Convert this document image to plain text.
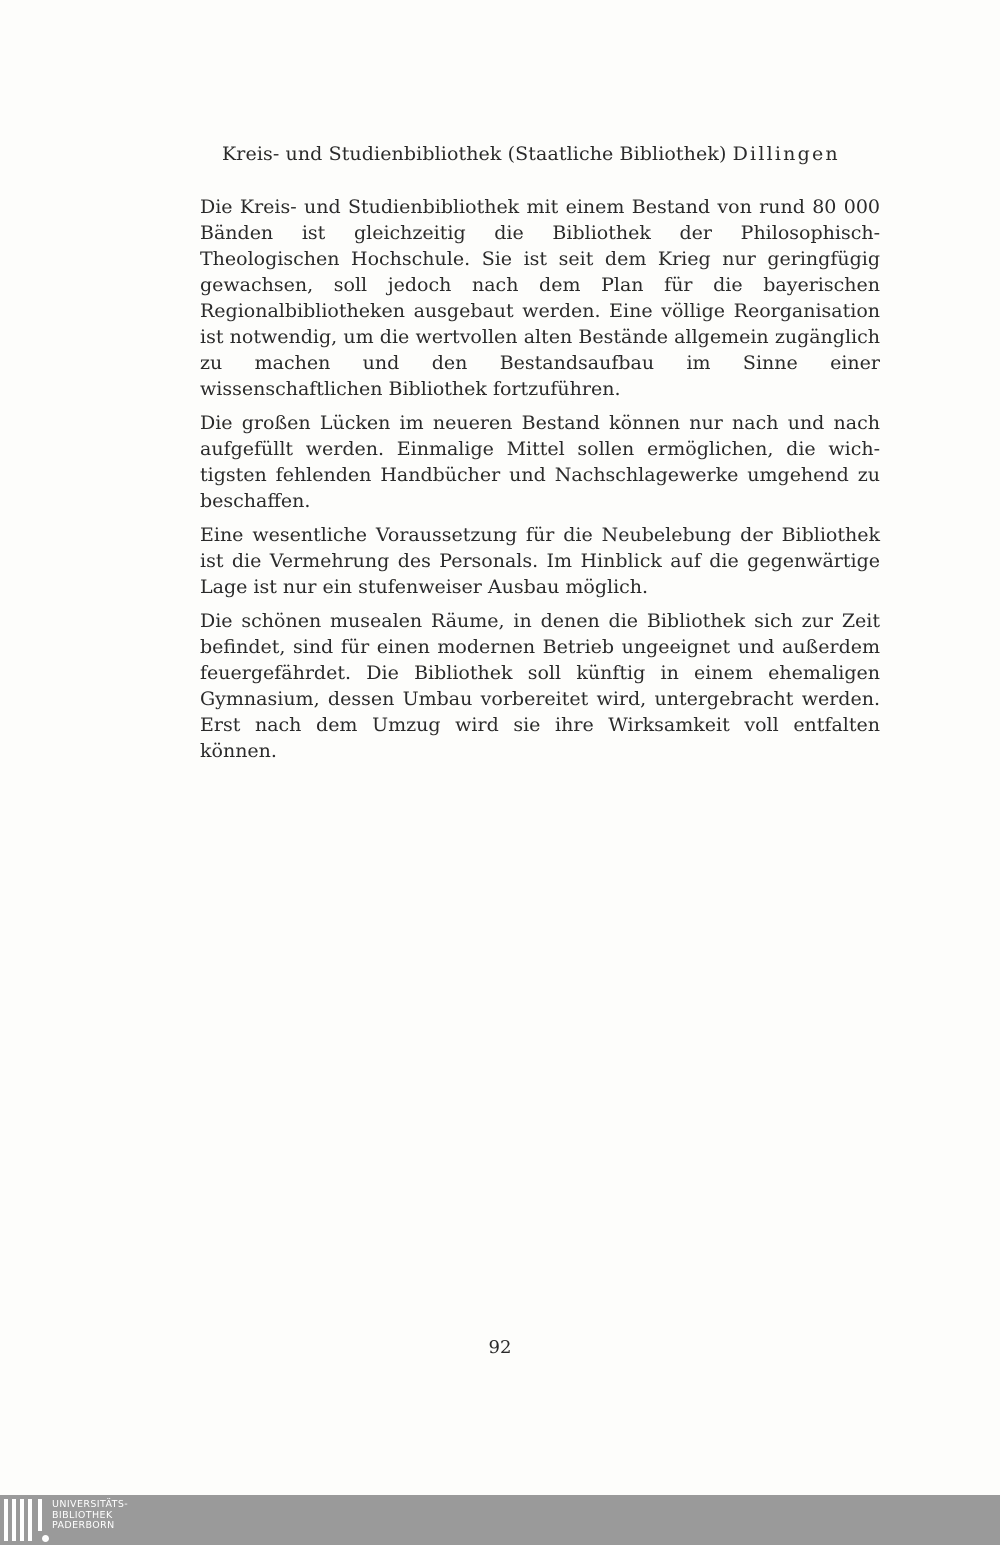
Kreis- und Studienbibliothek (Staatliche Bibliothek) Dillingen

Die Kreis- und Studienbibliothek mit einem Bestand von rund 80 000 Bänden ist gleichzeitig die Bibliothek der Philosophisch-Theologischen Hochschule. Sie ist seit dem Krieg nur geringfügig gewachsen, soll jedoch nach dem Plan für die bayerischen Regionalbibliotheken ausgebaut werden. Eine völlige Reorganisation ist notwendig, um die wertvollen alten Bestände allgemein zugänglich zu machen und den Bestandsaufbau im Sinne einer wissenschaftlichen Bibliothek fortzuführen.

Die großen Lücken im neueren Bestand können nur nach und nach aufgefüllt werden. Einmalige Mittel sollen ermöglichen, die wichtigsten fehlenden Handbücher und Nachschlagewerke umgehend zu beschaffen.

Eine wesentliche Voraussetzung für die Neubelebung der Bibliothek ist die Vermehrung des Personals. Im Hinblick auf die gegenwärtige Lage ist nur ein stufenweiser Ausbau möglich.

Die schönen musealen Räume, in denen die Bibliothek sich zur Zeit befindet, sind für einen modernen Betrieb ungeeignet und außerdem feuergefährdet. Die Bibliothek soll künftig in einem ehemaligen Gymnasium, dessen Umbau vorbereitet wird, untergebracht werden. Erst nach dem Umzug wird sie ihre Wirksamkeit voll entfalten können.

92
UNIVERSITÄTS-
BIBLIOTHEK
PADERBORN
